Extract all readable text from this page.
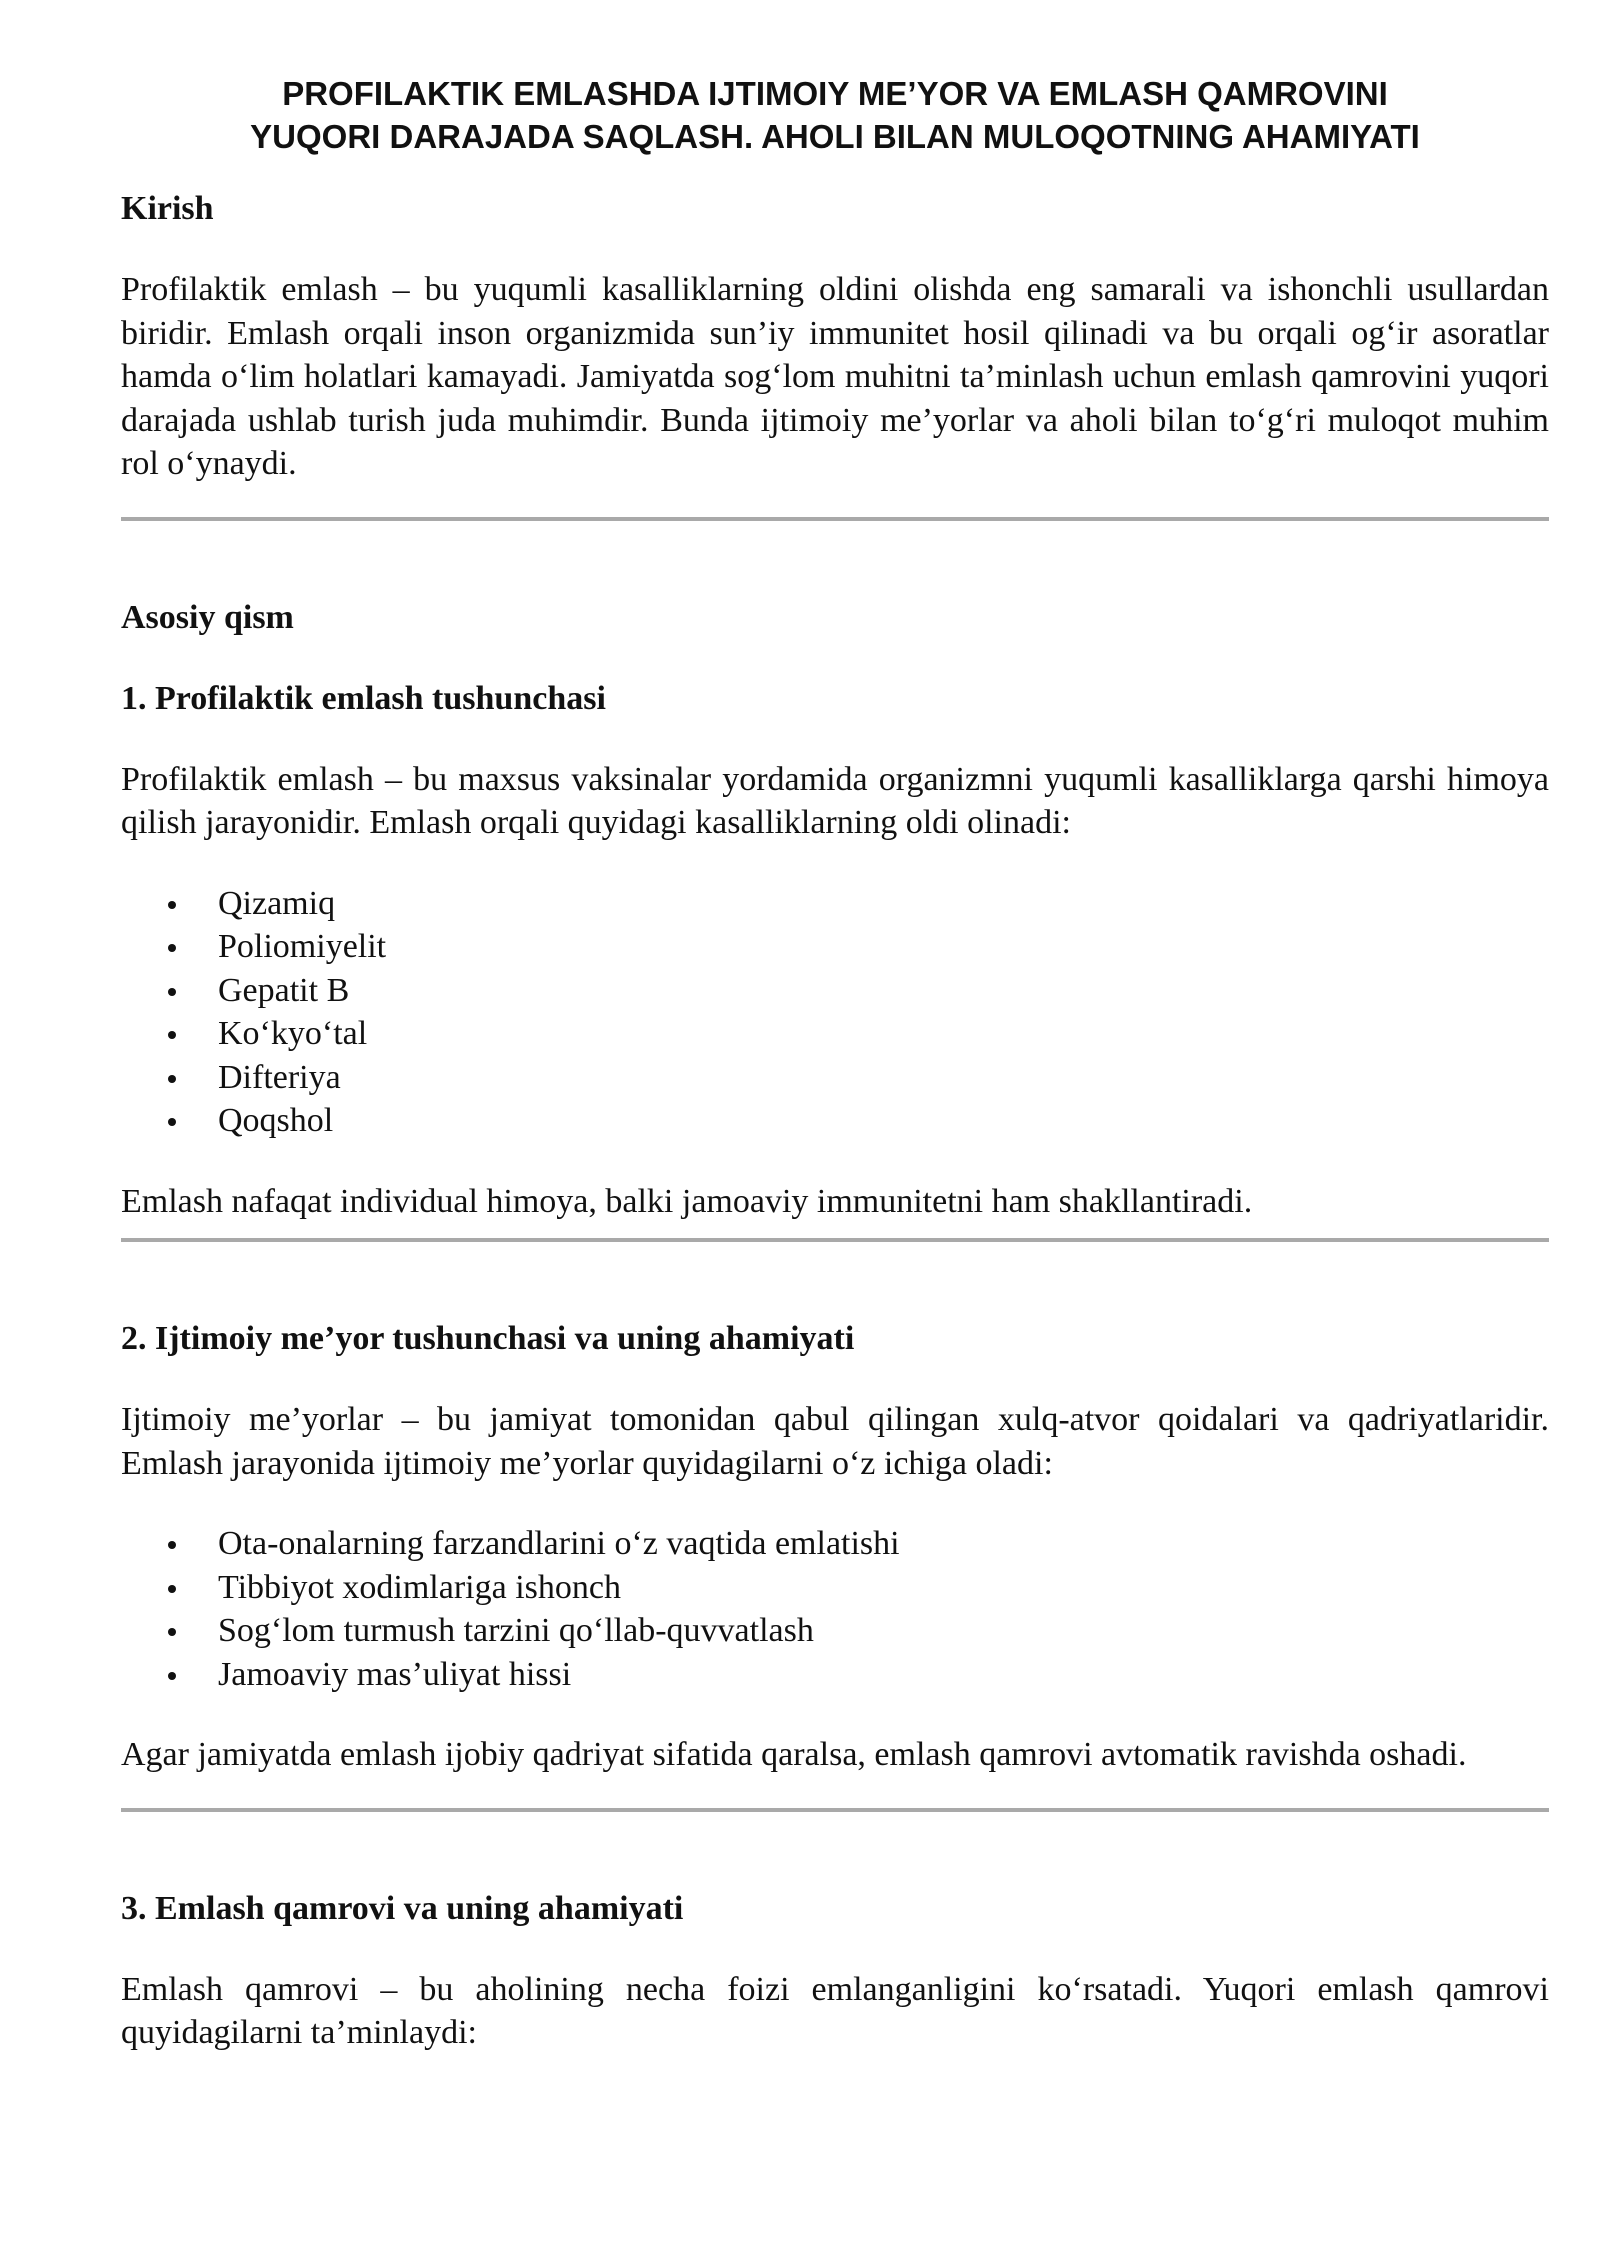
PROFILAKTIK EMLASHDA IJTIMOIY ME’YOR VA EMLASH QAMROVINI
YUQORI DARAJADA SAQLASH. AHOLI BILAN MULOQOTNING AHAMIYATI
Kirish

Profilaktik emlash – bu yuqumli kasalliklarning oldini olishda eng samarali va ishonchli usullardan biridir. Emlash orqali inson organizmida sun’iy immunitet hosil qilinadi va bu orqali og‘ir asoratlar hamda o‘lim holatlari kamayadi. Jamiyatda sog‘lom muhitni ta’minlash uchun emlash qamrovini yuqori darajada ushlab turish juda muhimdir. Bunda ijtimoiy me’yorlar va aholi bilan to‘g‘ri muloqot muhim rol o‘ynaydi.

Asosiy qism
1. Profilaktik emlash tushunchasi

Profilaktik emlash – bu maxsus vaksinalar yordamida organizmni yuqumli kasalliklarga qarshi himoya qilish jarayonidir. Emlash orqali quyidagi kasalliklarning oldi olinadi:

Qizamiq
Poliomiyelit
Gepatit B
Ko‘kyo‘tal
Difteriya
Qoqshol

Emlash nafaqat individual himoya, balki jamoaviy immunitetni ham shakllantiradi.

2. Ijtimoiy me’yor tushunchasi va uning ahamiyati

Ijtimoiy me’yorlar – bu jamiyat tomonidan qabul qilingan xulq-atvor qoidalari va qadriyatlaridir. Emlash jarayonida ijtimoiy me’yorlar quyidagilarni o‘z ichiga oladi:

Ota-onalarning farzandlarini o‘z vaqtida emlatishi
Tibbiyot xodimlariga ishonch
Sog‘lom turmush tarzini qo‘llab-quvvatlash
Jamoaviy mas’uliyat hissi

Agar jamiyatda emlash ijobiy qadriyat sifatida qaralsa, emlash qamrovi avtomatik ravishda oshadi.

3. Emlash qamrovi va uning ahamiyati

Emlash qamrovi – bu aholining necha foizi emlanganligini ko‘rsatadi. Yuqori emlash qamrovi quyidagilarni ta’minlaydi:
